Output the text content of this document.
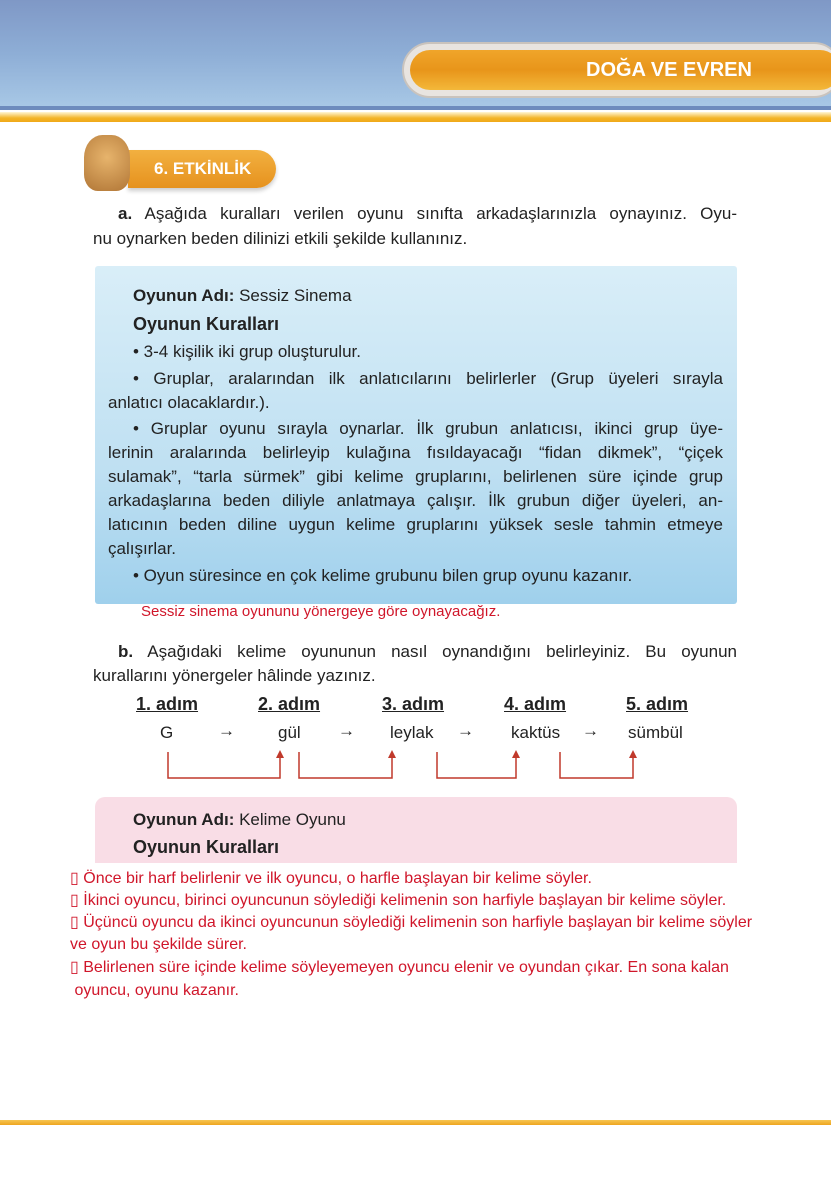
DOĞA VE EVREN
6. ETKİNLİK
a. Aşağıda kuralları verilen oyunu sınıfta arkadaşlarınızla oynayınız. Oyu-
nu oynarken beden dilinizi etkili şekilde kullanınız.
Oyunun Adı: Sessiz Sinema
Oyunun Kuralları
• 3-4 kişilik iki grup oluşturulur.
• Gruplar, aralarından ilk anlatıcılarını belirlerler (Grup üyeleri sırayla
anlatıcı olacaklardır.).
• Gruplar oyunu sırayla oynarlar. İlk grubun anlatıcısı, ikinci grup üye-
lerinin aralarında belirleyip kulağına fısıldayacağı “fidan dikmek”, “çiçek
sulamak”, “tarla sürmek” gibi kelime gruplarını, belirlenen süre içinde grup
arkadaşlarına beden diliyle anlatmaya çalışır. İlk grubun diğer üyeleri, an-
latıcının beden diline uygun kelime gruplarını yüksek sesle tahmin etmeye
çalışırlar.
• Oyun süresince en çok kelime grubunu bilen grup oyunu kazanır.
Sessiz sinema oyununu yönergeye göre oynayacağız.
b. Aşağıdaki kelime oyununun nasıl oynandığını belirleyiniz. Bu oyunun
kurallarını yönergeler hâlinde yazınız.
1. adım	2. adım	3. adım	4. adım	5. adım
G	gül	leylak	kaktüs	sümbül
→	→	→	→
Oyunun Adı: Kelime Oyunu
Oyunun Kuralları
▯ Önce bir harf belirlenir ve ilk oyuncu, o harfle başlayan bir kelime söyler.
▯ İkinci oyuncu, birinci oyuncunun söylediği kelimenin son harfiyle başlayan bir kelime söyler.
▯ Üçüncü oyuncu da ikinci oyuncunun söylediği kelimenin son harfiyle başlayan bir kelime söyler
ve oyun bu şekilde sürer.
▯ Belirlenen süre içinde kelime söyleyemeyen oyuncu elenir ve oyundan çıkar. En sona kalan
oyuncu, oyunu kazanır.
